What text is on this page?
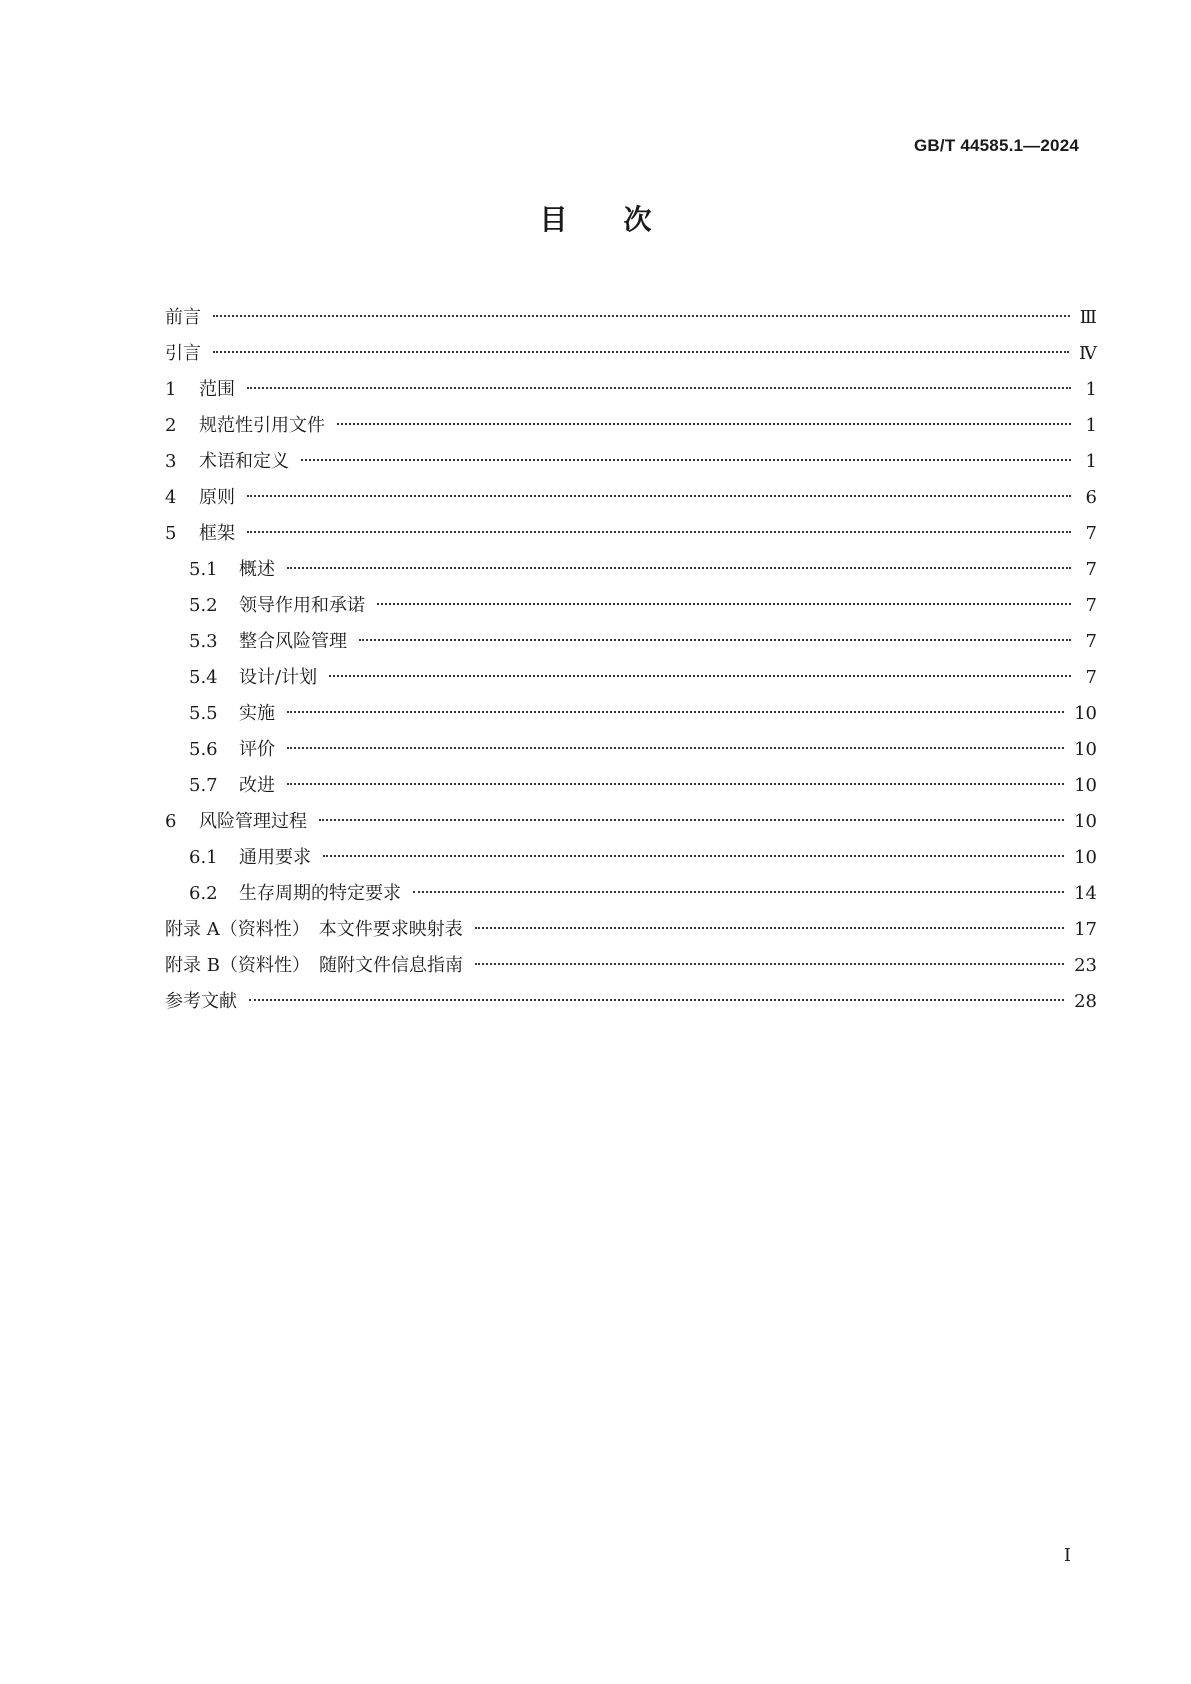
GB/T 44585.1—2024
目次
前言	Ⅲ
引言	Ⅳ
1	范围	1
2	规范性引用文件	1
3	术语和定义	1
4	原则	6
5	框架	7
5.1	概述	7
5.2	领导作用和承诺	7
5.3	整合风险管理	7
5.4	设计/计划	7
5.5	实施	10
5.6	评价	10
5.7	改进	10
6	风险管理过程	10
6.1	通用要求	10
6.2	生存周期的特定要求	14
附录 A（资料性）　本文件要求映射表	17
附录 B（资料性）　随附文件信息指南	23
参考文献	28
I
